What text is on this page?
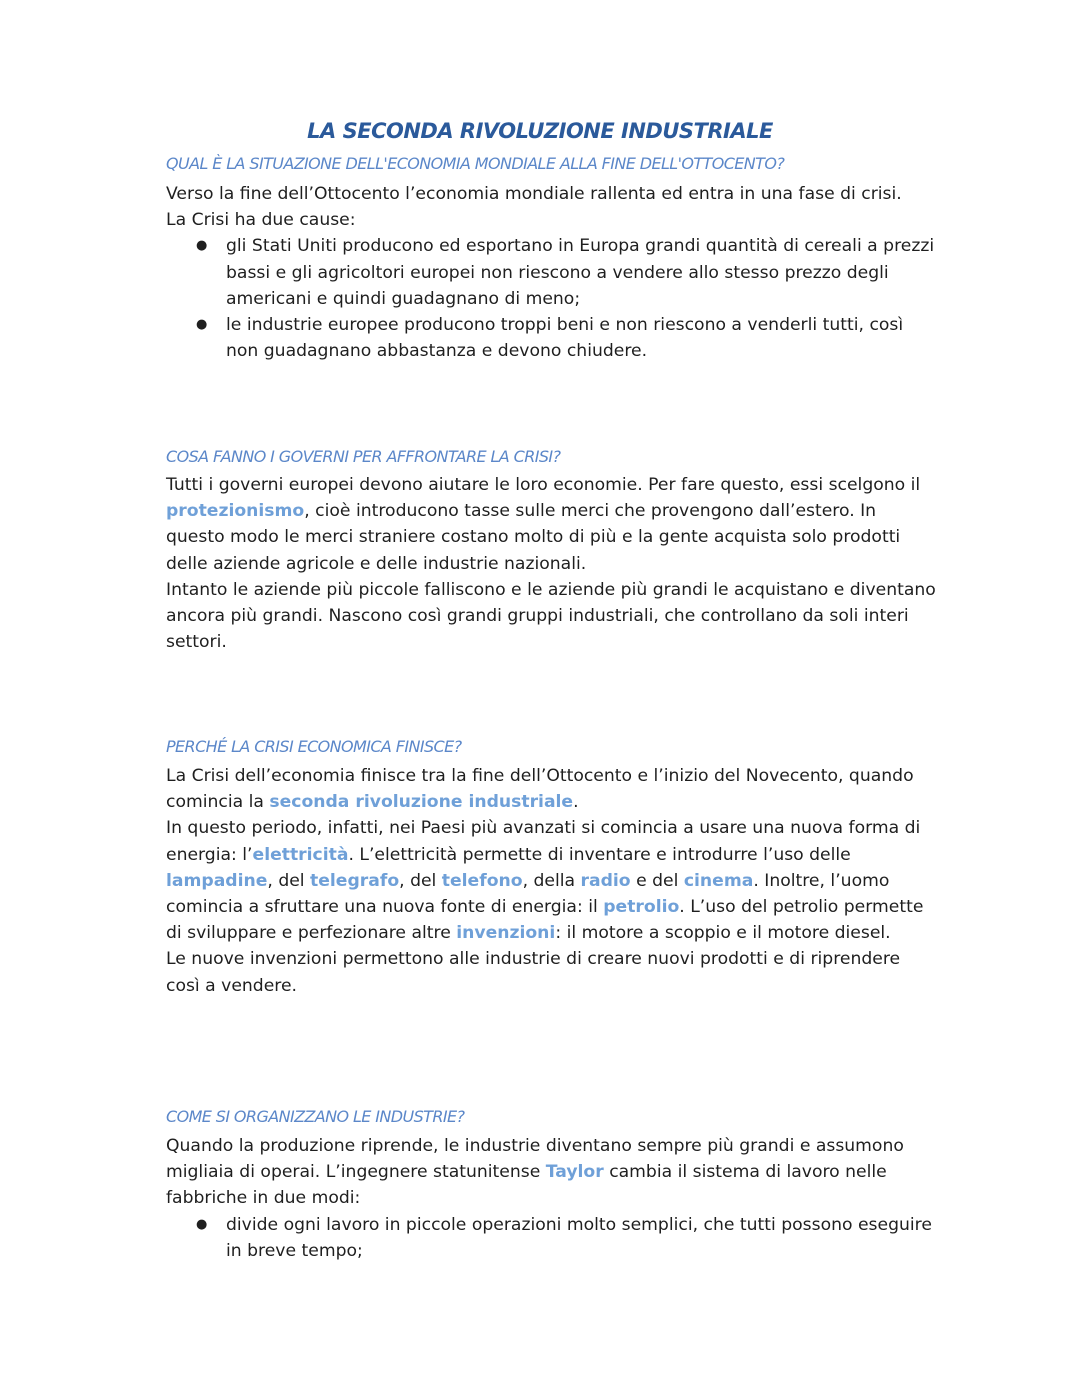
LA SECONDA RIVOLUZIONE INDUSTRIALE
QUAL È LA SITUAZIONE DELL'ECONOMIA MONDIALE ALLA FINE DELL'OTTOCENTO?

Verso la fine dell’Ottocento l’economia mondiale rallenta ed entra in una fase di crisi.

La Crisi ha due cause:

● gli Stati Uniti producono ed esportano in Europa grandi quantità di cereali a prezzi bassi e gli agricoltori europei non riescono a vendere allo stesso prezzo degli americani e quindi guadagnano di meno;
● le industrie europee producono troppi beni e non riescono a venderli tutti, così non guadagnano abbastanza e devono chiudere.
COSA FANNO I GOVERNI PER AFFRONTARE LA CRISI?

Tutti i governi europei devono aiutare le loro economie. Per fare questo, essi scelgono il protezionismo, cioè introducono tasse sulle merci che provengono dall’estero. In questo modo le merci straniere costano molto di più e la gente acquista solo prodotti delle aziende agricole e delle industrie nazionali.

Intanto le aziende più piccole falliscono e le aziende più grandi le acquistano e diventano ancora più grandi. Nascono così grandi gruppi industriali, che controllano da soli interi settori.

PERCHÉ LA CRISI ECONOMICA FINISCE?

La Crisi dell’economia finisce tra la fine dell’Ottocento e l’inizio del Novecento, quando comincia la seconda rivoluzione industriale.

In questo periodo, infatti, nei Paesi più avanzati si comincia a usare una nuova forma di energia: l’elettricità. L’elettricità permette di inventare e introdurre l’uso delle lampadine, del telegrafo, del telefono, della radio e del cinema. Inoltre, l’uomo comincia a sfruttare una nuova fonte di energia: il petrolio. L’uso del petrolio permette di sviluppare e perfezionare altre invenzioni: il motore a scoppio e il motore diesel.

Le nuove invenzioni permettono alle industrie di creare nuovi prodotti e di riprendere così a vendere.

COME SI ORGANIZZANO LE INDUSTRIE?

Quando la produzione riprende, le industrie diventano sempre più grandi e assumono migliaia di operai. L’ingegnere statunitense Taylor cambia il sistema di lavoro nelle fabbriche in due modi:

● divide ogni lavoro in piccole operazioni molto semplici, che tutti possono eseguire in breve tempo;
